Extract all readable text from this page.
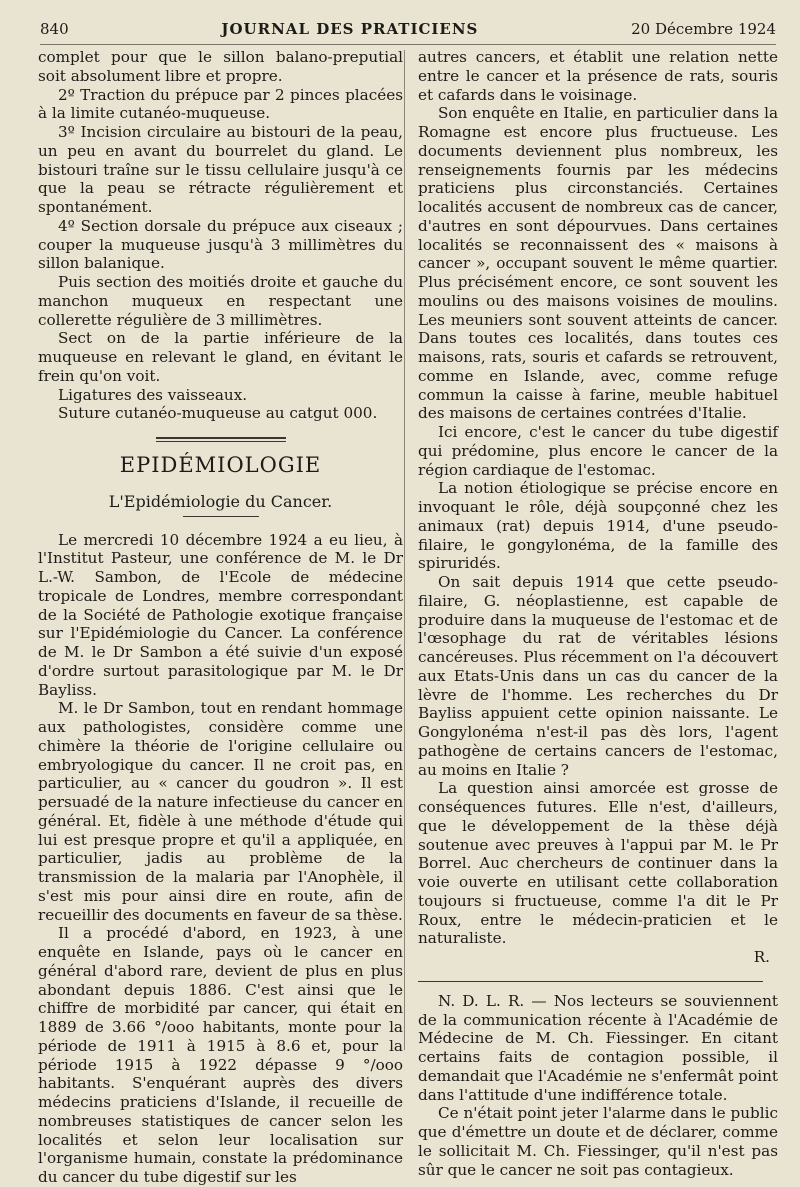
840	JOURNAL DES PRATICIENS	20 Décembre 1924

complet pour que le sillon balano-preputial soit absolument libre et propre.

2º Traction du prépuce par 2 pinces placées à la limite cutanéo-muqueuse.

3º Incision circulaire au bistouri de la peau, un peu en avant du bourrelet du gland. Le bistouri traîne sur le tissu cellulaire jusqu'à ce que la peau se rétracte régulièrement et spontanément.

4º Section dorsale du prépuce aux ciseaux ; couper la muqueuse jusqu'à 3 millimètres du sillon balanique.

Puis section des moitiés droite et gauche du manchon muqueux en respectant une collerette régulière de 3 millimètres.

Sect on de la partie inférieure de la muqueuse en relevant le gland, en évitant le frein qu'on voit.

Ligatures des vaisseaux.

Suture cutanéo-muqueuse au catgut 000.

EPIDÉMIOLOGIE
L'Epidémiologie du Cancer.

Le mercredi 10 décembre 1924 a eu lieu, à l'Institut Pasteur, une conférence de M. le Dr L.-W. Sambon, de l'Ecole de médecine tropicale de Londres, membre correspondant de la Société de Pathologie exotique française sur l'Epidémiologie du Cancer. La conférence de M. le Dr Sambon a été suivie d'un exposé d'ordre surtout parasitologique par M. le Dr Bayliss.

M. le Dr Sambon, tout en rendant hommage aux pathologistes, considère comme une chimère la théorie de l'origine cellulaire ou embryologique du cancer. Il ne croit pas, en particulier, au « cancer du goudron ». Il est persuadé de la nature infectieuse du cancer en général. Et, fidèle à une méthode d'étude qui lui est presque propre et qu'il a appliquée, en particulier, jadis au problème de la transmission de la malaria par l'Anophèle, il s'est mis pour ainsi dire en route, afin de recueillir des documents en faveur de sa thèse.

Il a procédé d'abord, en 1923, à une enquête en Islande, pays où le cancer en général d'abord rare, devient de plus en plus abondant depuis 1886. C'est ainsi que le chiffre de morbidité par cancer, qui était en 1889 de 3.66 °/ooo habitants, monte pour la période de 1911 à 1915 à 8.6 et, pour la période 1915 à 1922 dépasse 9 °/ooo habitants. S'enquérant auprès des divers médecins praticiens d'Islande, il recueille de nombreuses statistiques de cancer selon les localités et selon leur localisation sur l'organisme humain, constate la prédominance du cancer du tube digestif sur les

autres cancers, et établit une relation nette entre le cancer et la présence de rats, souris et cafards dans le voisinage.

Son enquête en Italie, en particulier dans la Romagne est encore plus fructueuse. Les documents deviennent plus nombreux, les renseignements fournis par les médecins praticiens plus circonstanciés. Certaines localités accusent de nombreux cas de cancer, d'autres en sont dépourvues. Dans certaines localités se reconnaissent des « maisons à cancer », occupant souvent le même quartier. Plus précisément encore, ce sont souvent les moulins ou des maisons voisines de moulins. Les meuniers sont souvent atteints de cancer. Dans toutes ces localités, dans toutes ces maisons, rats, souris et cafards se retrouvent, comme en Islande, avec, comme refuge commun la caisse à farine, meuble habituel des maisons de certaines contrées d'Italie.

Ici encore, c'est le cancer du tube digestif qui prédomine, plus encore le cancer de la région cardiaque de l'estomac.

La notion étiologique se précise encore en invoquant le rôle, déjà soupçonné chez les animaux (rat) depuis 1914, d'une pseudo-filaire, le gongylonéma, de la famille des spiruridés.

On sait depuis 1914 que cette pseudo-filaire, G. néoplastienne, est capable de produire dans la muqueuse de l'estomac et de l'œsophage du rat de véritables lésions cancéreuses. Plus récemment on l'a découvert aux Etats-Unis dans un cas du cancer de la lèvre de l'homme. Les recherches du Dr Bayliss appuient cette opinion naissante. Le Gongylonéma n'est-il pas dès lors, l'agent pathogène de certains cancers de l'estomac, au moins en Italie ?

La question ainsi amorcée est grosse de conséquences futures. Elle n'est, d'ailleurs, que le développement de la thèse déjà soutenue avec preuves à l'appui par M. le Pr Borrel. Auc chercheurs de continuer dans la voie ouverte en utilisant cette collaboration toujours si fructueuse, comme l'a dit le Pr Roux, entre le médecin-praticien et le naturaliste.

R.

N. D. L. R. — Nos lecteurs se souviennent de la communication récente à l'Académie de Médecine de M. Ch. Fiessinger. En citant certains faits de contagion possible, il demandait que l'Académie ne s'enfermât point dans l'attitude d'une indifférence totale.

Ce n'était point jeter l'alarme dans le public que d'émettre un doute et de déclarer, comme le sollicitait M. Ch. Fiessinger, qu'il n'est pas sûr que le cancer ne soit pas contagieux.
